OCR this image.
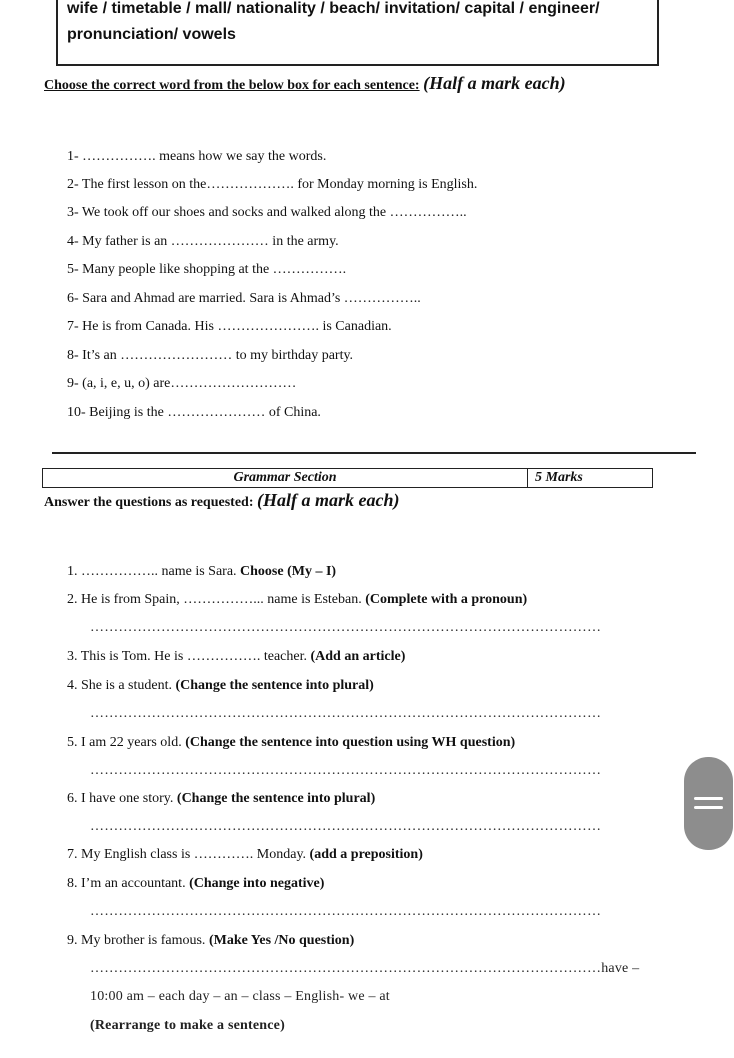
wife / timetable / mall/ nationality / beach/ invitation/ capital / engineer/
pronunciation/ vowels
Choose the correct word from the below box for each sentence: (Half a mark each)
1- ……………. means how we say the words.
2- The first lesson on the………………. for Monday morning is English.
3- We took off our shoes and socks and walked along the ……………..
4- My father is an ………………… in the army.
5- Many people like shopping at the …………….
6- Sara and Ahmad are married. Sara is Ahmad’s ……………..
7- He is from Canada. His …………………. is Canadian.
8- It’s an …………………… to my birthday party.
9- (a, i, e, u, o) are………………………
10- Beijing is the ………………… of China.
Grammar Section	5 Marks
Answer the questions as requested: (Half a mark each)
1. …………….. name is Sara. Choose (My – I)
2. He is from Spain, ……………... name is Esteban. (Complete with a pronoun)
………………………………………………………………………………………………
3. This is Tom. He is ……………. teacher. (Add an article)
4. She is a student. (Change the sentence into plural)
………………………………………………………………………………………………
5. I am 22 years old. (Change the sentence into question using WH question)
………………………………………………………………………………………………
6. I have one story. (Change the sentence into plural)
………………………………………………………………………………………………
7. My English class is …………. Monday. (add a preposition)
8. I’m an accountant. (Change into negative)
………………………………………………………………………………………………
9. My brother is famous. (Make Yes /No question)
………………………………………………………………………………………………have –
10:00 am – each day – an – class – English- we – at
(Rearrange to make a sentence)
